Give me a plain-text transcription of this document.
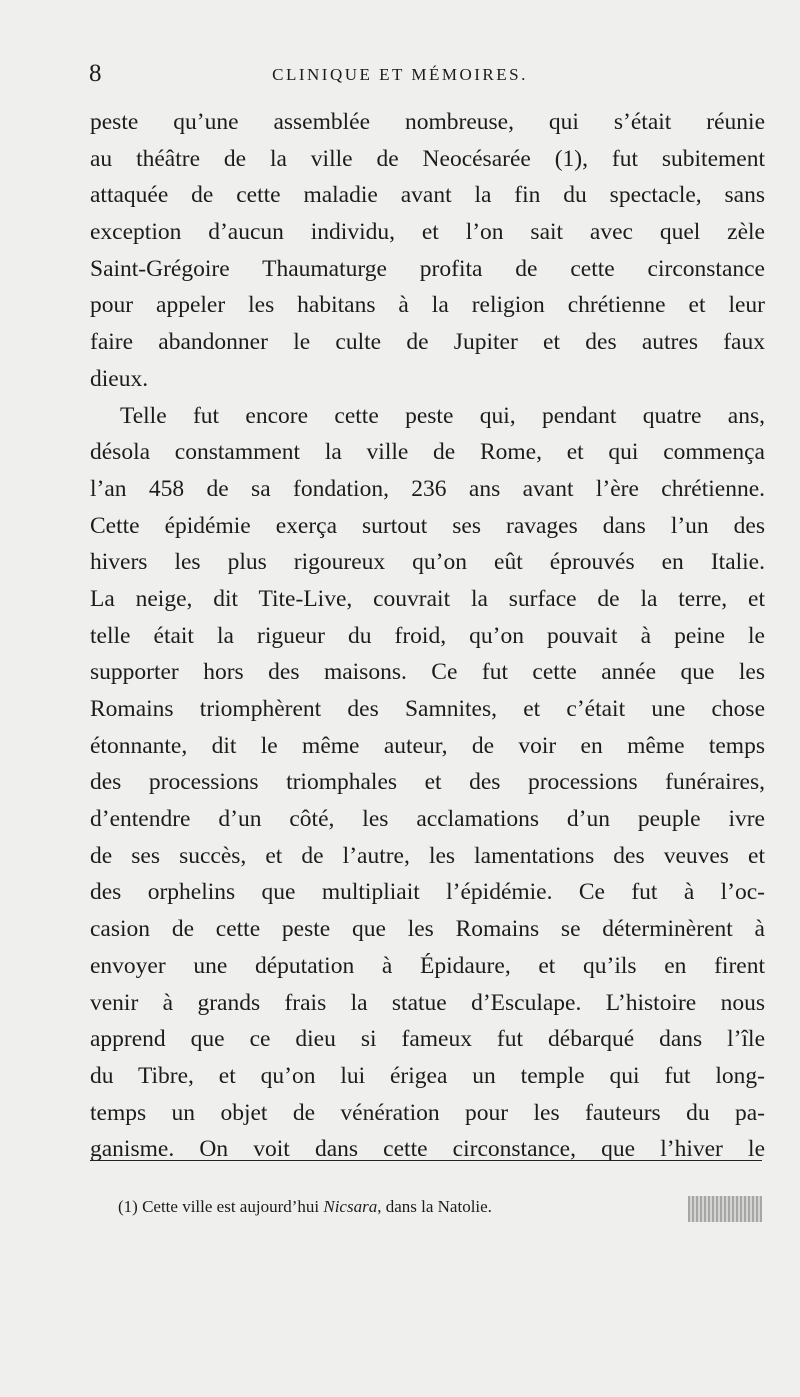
8	CLINIQUE ET MÉMOIRES.
peste qu’une assemblée nombreuse, qui s’était réunie
au théâtre de la ville de Neocésarée (1), fut subitement
attaquée de cette maladie avant la fin du spectacle, sans
exception d’aucun individu, et l’on sait avec quel zèle
Saint-Grégoire Thaumaturge profita de cette circonstance
pour appeler les habitans à la religion chrétienne et leur
faire abandonner le culte de Jupiter et des autres faux
dieux.
Telle fut encore cette peste qui, pendant quatre ans,
désola constamment la ville de Rome, et qui commença
l’an 458 de sa fondation, 236 ans avant l’ère chrétienne.
Cette épidémie exerça surtout ses ravages dans l’un des
hivers les plus rigoureux qu’on eût éprouvés en Italie.
La neige, dit Tite-Live, couvrait la surface de la terre, et
telle était la rigueur du froid, qu’on pouvait à peine le
supporter hors des maisons. Ce fut cette année que les
Romains triomphèrent des Samnites, et c’était une chose
étonnante, dit le même auteur, de voir en même temps
des processions triomphales et des processions funéraires,
d’entendre d’un côté, les acclamations d’un peuple ivre
de ses succès, et de l’autre, les lamentations des veuves et
des orphelins que multipliait l’épidémie. Ce fut à l’oc-
casion de cette peste que les Romains se déterminèrent à
envoyer une députation à Épidaure, et qu’ils en firent
venir à grands frais la statue d’Esculape. L’histoire nous
apprend que ce dieu si fameux fut débarqué dans l’île
du Tibre, et qu’on lui érigea un temple qui fut long-
temps un objet de vénération pour les fauteurs du pa-
ganisme. On voit dans cette circonstance, que l’hiver le
(1) Cette ville est aujourd’hui Nicsara, dans la Natolie.
